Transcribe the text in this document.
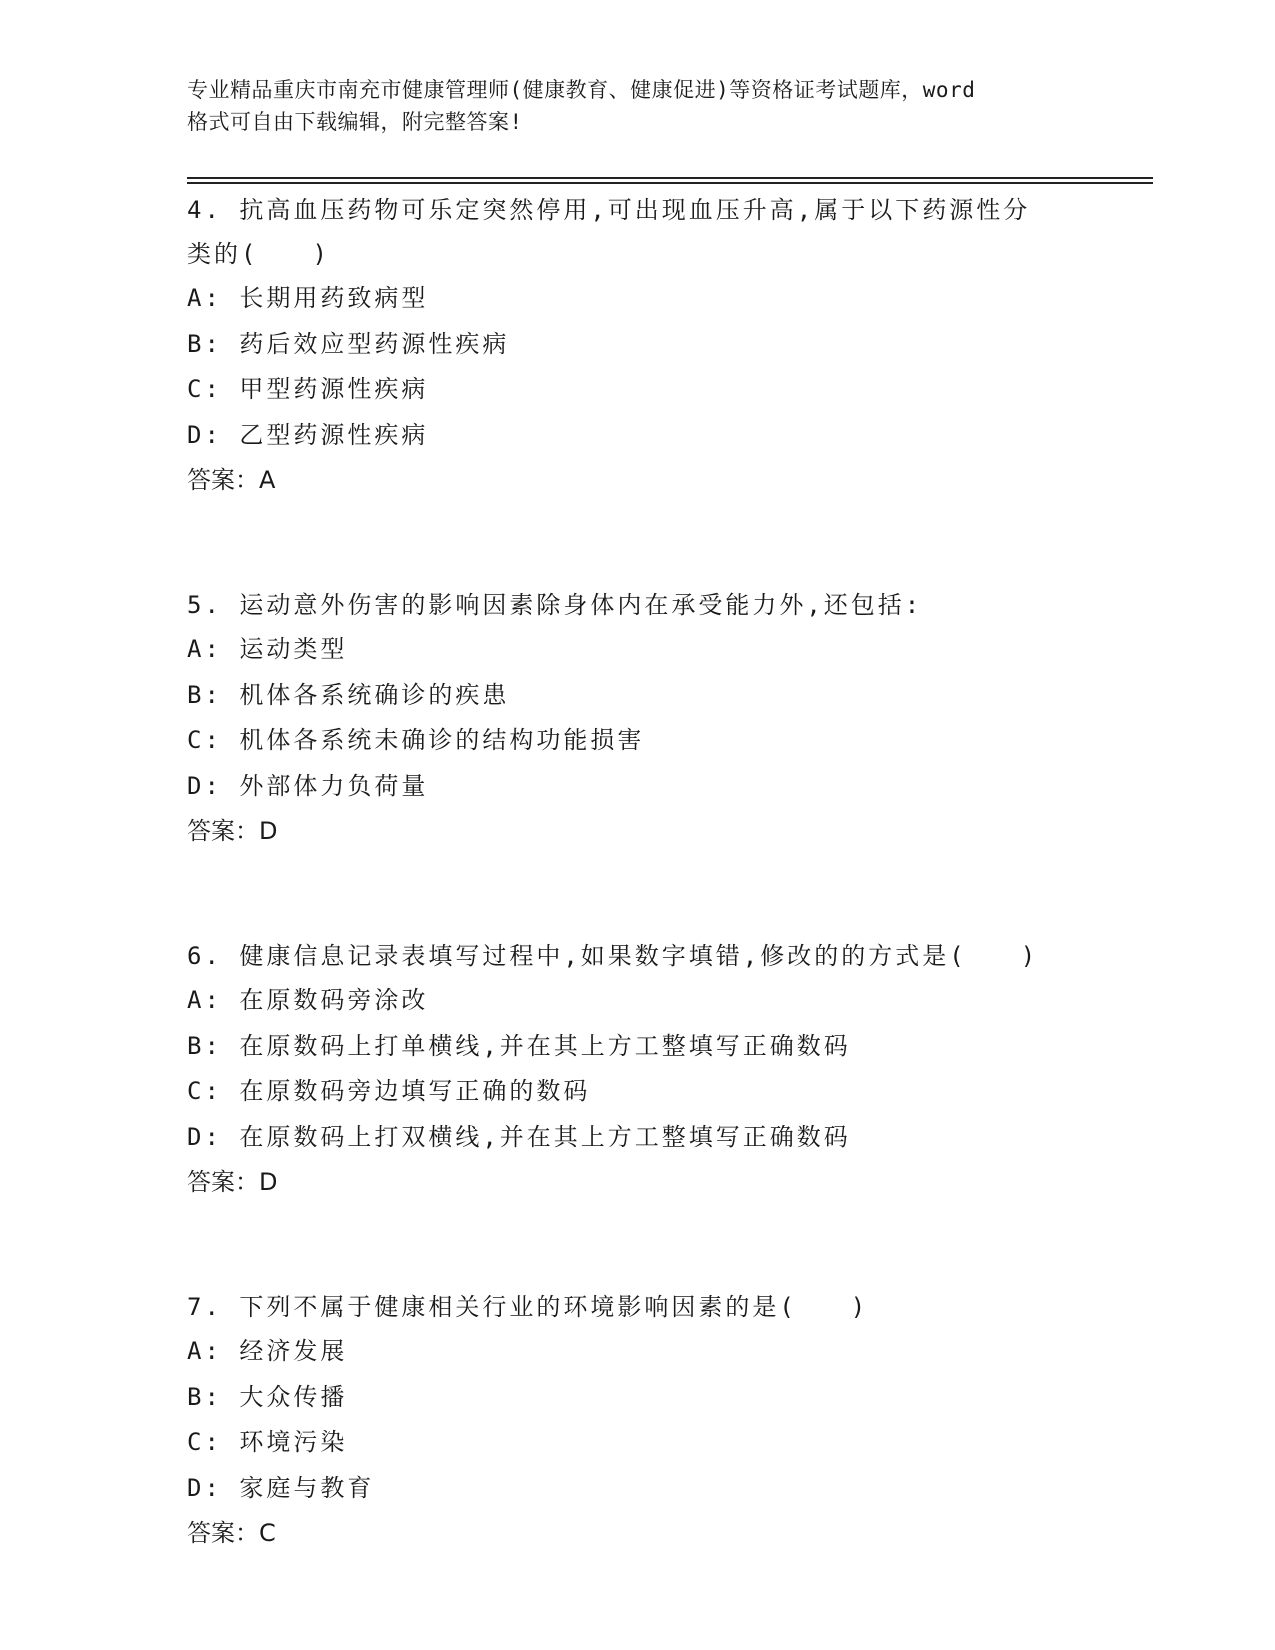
专业精品重庆市南充市健康管理师(健康教育、健康促进)等资格证考试题库，word
格式可自由下载编辑，附完整答案!
4. 抗高血压药物可乐定突然停用,可出现血压升高,属于以下药源性分
类的(　　)
A: 长期用药致病型
B: 药后效应型药源性疾病
C: 甲型药源性疾病
D: 乙型药源性疾病
答案：A
5. 运动意外伤害的影响因素除身体内在承受能力外,还包括:
A: 运动类型
B: 机体各系统确诊的疾患
C: 机体各系统未确诊的结构功能损害
D: 外部体力负荷量
答案：D
6. 健康信息记录表填写过程中,如果数字填错,修改的的方式是(　　)
A: 在原数码旁涂改
B: 在原数码上打单横线,并在其上方工整填写正确数码
C: 在原数码旁边填写正确的数码
D: 在原数码上打双横线,并在其上方工整填写正确数码
答案：D
7. 下列不属于健康相关行业的环境影响因素的是(　　)
A: 经济发展
B: 大众传播
C: 环境污染
D: 家庭与教育
答案：C
